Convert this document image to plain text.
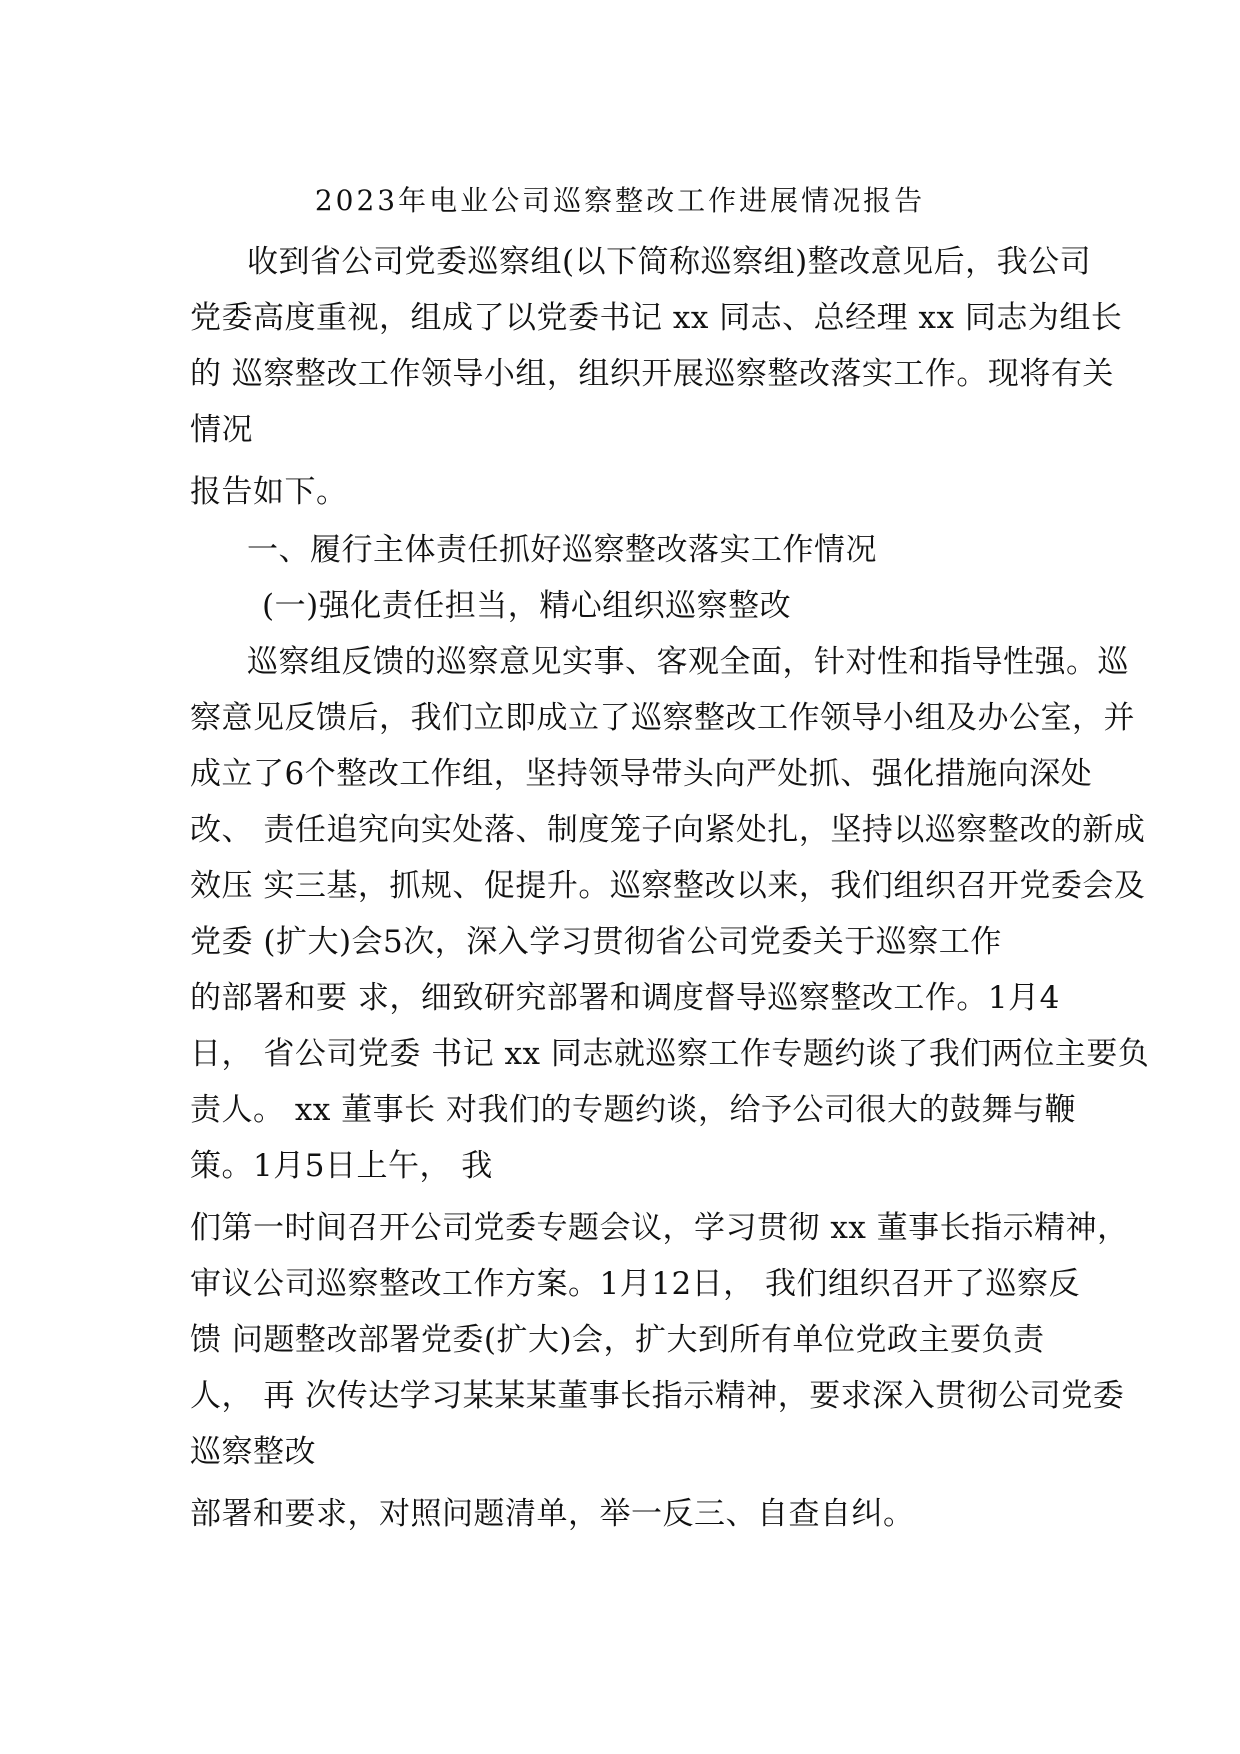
2023年电业公司巡察整改工作进展情况报告
收到省公司党委巡察组(以下简称巡察组)整改意见后，我公司
党委高度重视，组成了以党委书记 xx 同志、总经理 xx 同志为组长
的 巡察整改工作领导小组，组织开展巡察整改落实工作。现将有关
情况
报告如下。
一、履行主体责任抓好巡察整改落实工作情况
(一)强化责任担当，精心组织巡察整改
巡察组反馈的巡察意见实事、客观全面，针对性和指导性强。巡
察意见反馈后，我们立即成立了巡察整改工作领导小组及办公室，并
成立了6个整改工作组，坚持领导带头向严处抓、强化措施向深处
改、 责任追究向实处落、制度笼子向紧处扎，坚持以巡察整改的新成
效压 实三基，抓规、促提升。巡察整改以来，我们组织召开党委会及
党委 (扩大)会5次，深入学习贯彻省公司党委关于巡察工作
的部署和要 求，细致研究部署和调度督导巡察整改工作。1月4
日， 省公司党委 书记 xx 同志就巡察工作专题约谈了我们两位主要负
责人。 xx 董事长 对我们的专题约谈，给予公司很大的鼓舞与鞭
策。1月5日上午， 我
们第一时间召开公司党委专题会议，学习贯彻 xx 董事长指示精神，
审议公司巡察整改工作方案。1月12日， 我们组织召开了巡察反
馈 问题整改部署党委(扩大)会，扩大到所有单位党政主要负责
人， 再 次传达学习某某某董事长指示精神，要求深入贯彻公司党委
巡察整改
部署和要求，对照问题清单，举一反三、自查自纠。
